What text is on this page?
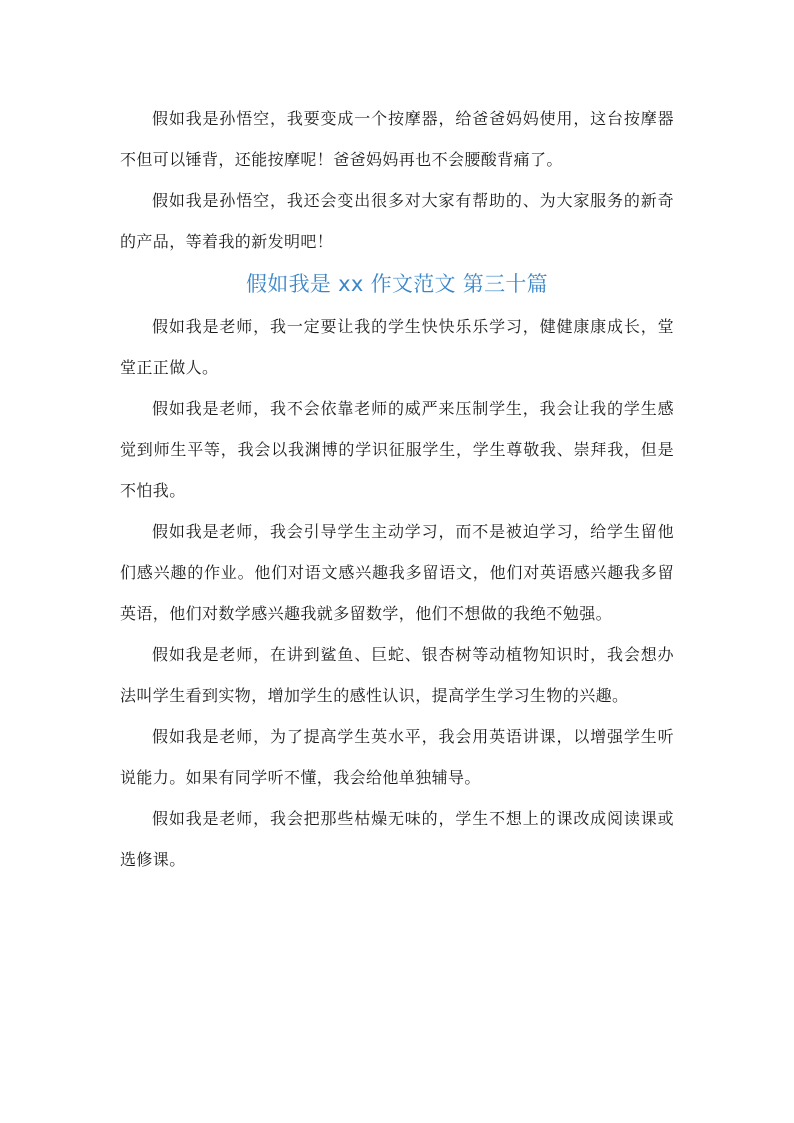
假如我是孙悟空，我要变成一个按摩器，给爸爸妈妈使用，这台按摩器不但可以锤背，还能按摩呢！爸爸妈妈再也不会腰酸背痛了。

假如我是孙悟空，我还会变出很多对大家有帮助的、为大家服务的新奇的产品，等着我的新发明吧！

假如我是 xx 作文范文 第三十篇

假如我是老师，我一定要让我的学生快快乐乐学习，健健康康成长，堂堂正正做人。

假如我是老师，我不会依靠老师的威严来压制学生，我会让我的学生感觉到师生平等，我会以我渊博的学识征服学生，学生尊敬我、崇拜我，但是不怕我。

假如我是老师，我会引导学生主动学习，而不是被迫学习，给学生留他们感兴趣的作业。他们对语文感兴趣我多留语文，他们对英语感兴趣我多留英语，他们对数学感兴趣我就多留数学，他们不想做的我绝不勉强。

假如我是老师，在讲到鲨鱼、巨蛇、银杏树等动植物知识时，我会想办法叫学生看到实物，增加学生的感性认识，提高学生学习生物的兴趣。

假如我是老师，为了提高学生英水平，我会用英语讲课，以增强学生听说能力。如果有同学听不懂，我会给他单独辅导。

假如我是老师，我会把那些枯燥无味的，学生不想上的课改成阅读课或选修课。
